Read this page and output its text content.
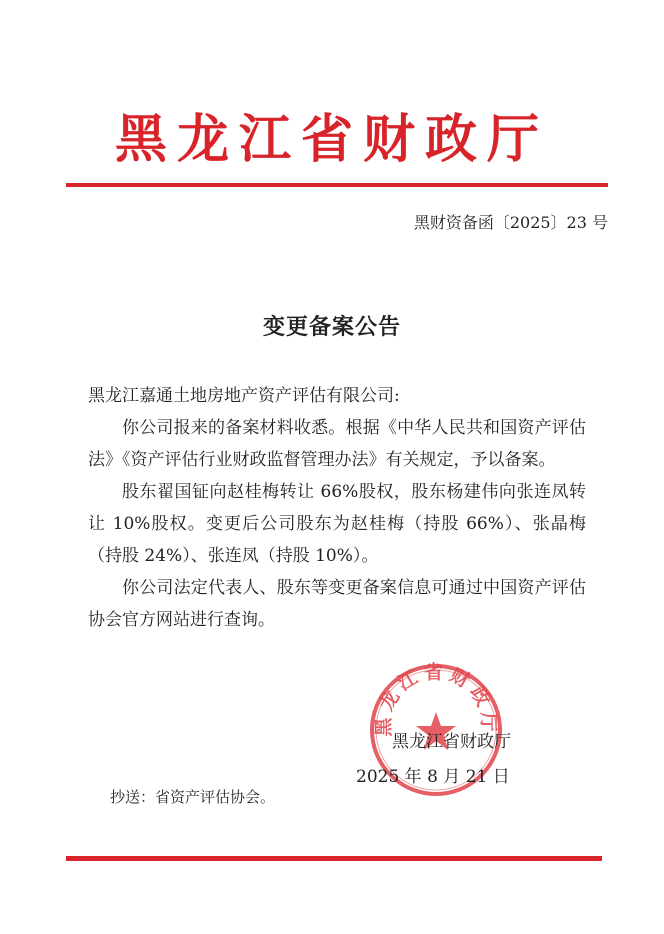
黑龙江省财政厅
黑财资备函〔2025〕23 号
变更备案公告

黑龙江嘉通土地房地产资产评估有限公司:

你公司报来的备案材料收悉。根据《中华人民共和国资产评估法》《资产评估行业财政监督管理办法》有关规定，予以备案。

股东翟国钲向赵桂梅转让 66%股权，股东杨建伟向张连凤转让 10%股权。变更后公司股东为赵桂梅（持股 66%）、张晶梅（持股 24%）、张连凤（持股 10%）。

你公司法定代表人、股东等变更备案信息可通过中国资产评估协会官方网站进行查询。

黑龙江省财政厅
黑龙江省财政厅
2025 年 8 月 21 日
抄送：省资产评估协会。
